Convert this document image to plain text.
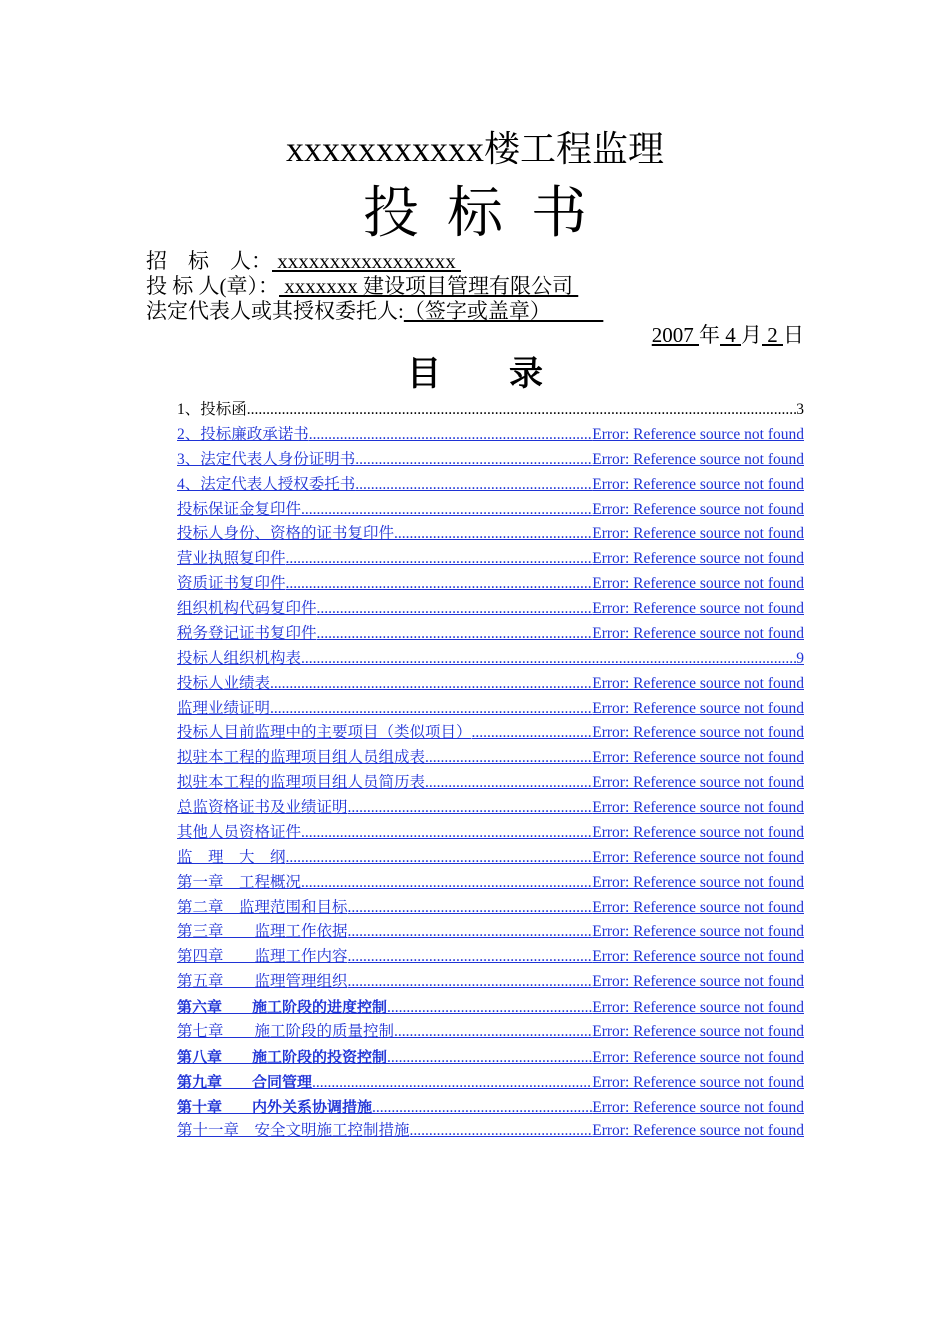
xxxxxxxxxxx楼工程监理
投标书
招　标　人： xxxxxxxxxxxxxxxxx
投 标 人(章）： xxxxxxx 建设项目管理有限公司
法定代表人或其授权委托人:（签字或盖章）
2007 年 4 月 2 日
目　　录
1、投标函 .....	3
2、投标廉政承诺书 .....	Error: Reference source not found
3、法定代表人身份证明书 .....	Error: Reference source not found
4、法定代表人授权委托书 .....	Error: Reference source not found
投标保证金复印件 .....	Error: Reference source not found
投标人身份、资格的证书复印件 .....	Error: Reference source not found
营业执照复印件 .....	Error: Reference source not found
资质证书复印件 .....	Error: Reference source not found
组织机构代码复印件 .....	Error: Reference source not found
税务登记证书复印件 .....	Error: Reference source not found
投标人组织机构表 .....	9
投标人业绩表 .....	Error: Reference source not found
监理业绩证明 .....	Error: Reference source not found
投标人目前监理中的主要项目（类似项目） .....	Error: Reference source not found
拟驻本工程的监理项目组人员组成表 .....	Error: Reference source not found
拟驻本工程的监理项目组人员简历表 .....	Error: Reference source not found
总监资格证书及业绩证明 .....	Error: Reference source not found
其他人员资格证件 .....	Error: Reference source not found
监　理　大　纲 .....	Error: Reference source not found
第一章　工程概况 .....	Error: Reference source not found
第二章　监理范围和目标 .....	Error: Reference source not found
第三章　　监理工作依据 .....	Error: Reference source not found
第四章　　监理工作内容 .....	Error: Reference source not found
第五章　　监理管理组织 .....	Error: Reference source not found
第六章　　施工阶段的进度控制 .....	Error: Reference source not found
第七章　　施工阶段的质量控制 .....	Error: Reference source not found
第八章　　施工阶段的投资控制 .....	Error: Reference source not found
第九章　　合同管理 .....	Error: Reference source not found
第十章　　内外关系协调措施 .....	Error: Reference source not found
第十一章　安全文明施工控制措施 .....	Error: Reference source not found
